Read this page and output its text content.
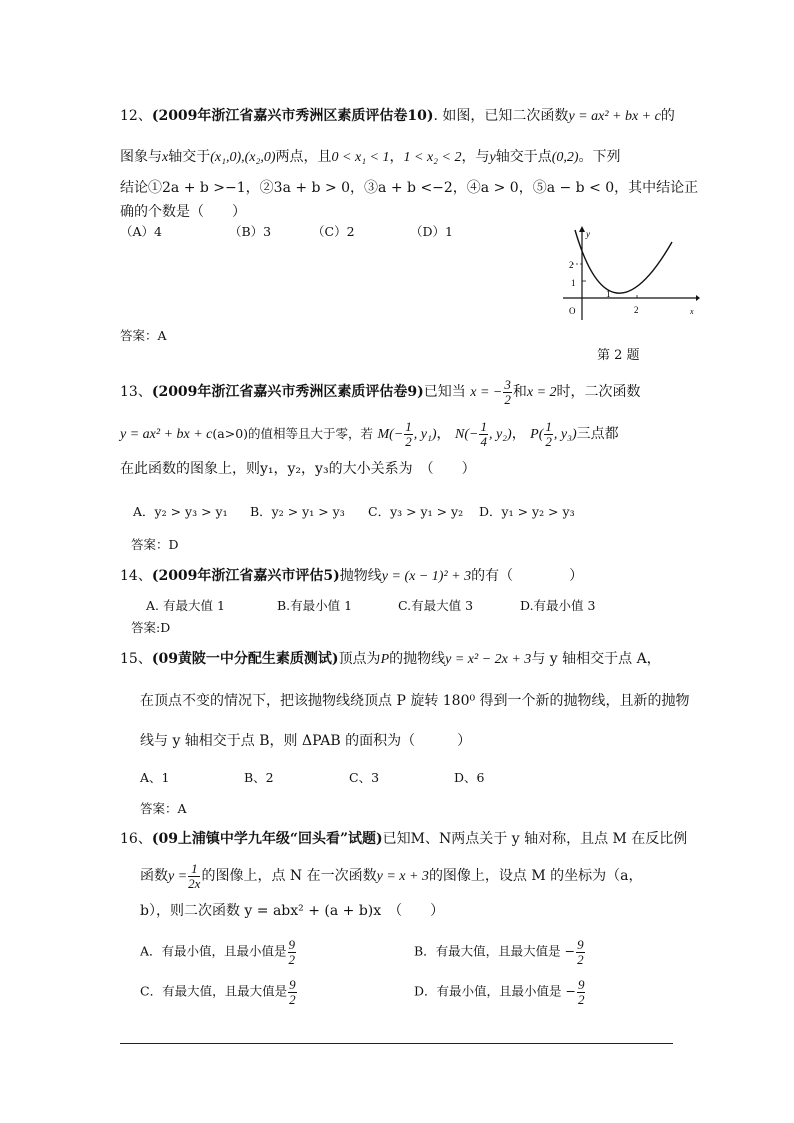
12、(2009年浙江省嘉兴市秀洲区素质评估卷10). 如图，已知二次函数y = ax² + bx + c的
图象与x轴交于(x₁,0),(x₂,0)两点，且0 < x₁ < 1，1 < x₂ < 2，与y轴交于点(0,2)。下列
结论①2a + b >−1，②3a + b > 0，③a + b <−2，④a > 0，⑤a − b < 0，其中结论正
确的个数是（　　）
（A）4	（B）3	（C）2	（D）1
答案：A
y
x
O
2
1
1
2
第 2 题
13、(2009年浙江省嘉兴市秀洲区素质评估卷9)已知当 x = − $\frac{3}{2}$ 和x = 2时，二次函数
y = ax² + bx + c(a>0)的值相等且大于零，若 $M(- \frac{1}{2}$ , y₁)， $N(- \frac{1}{4}$ , y₂)， $P( \frac{1}{2}$ , y₃)三点都
在此函数的图象上，则y₁，y₂，y₃的大小关系为　（　　）
A．y₂ > y₃ > y₁ B．y₂ > y₁ > y₃ C．y₃ > y₁ > y₂ D．y₁ > y₂ > y₃
答案：D
14、(2009年浙江省嘉兴市评估5)抛物线y = (x − 1)² + 3的有（　　　　）
A. 有最大值 1	B.有最小值 1	C.有最大值 3	D.有最小值 3
答案:D
15、(09黄陂一中分配生素质测试)顶点为P的抛物线y = x² − 2x + 3与 y 轴相交于点 A，
在顶点不变的情况下，把该抛物线绕顶点 P 旋转 180⁰ 得到一个新的抛物线，且新的抛物
线与 y 轴相交于点 B，则 ΔPAB 的面积为（　　　）
A、1	B、2	C、3	D、6
答案：A
16、(09上浦镇中学九年级“回头看”试题)已知M、N两点关于 y 轴对称，且点 M 在反比例
函数$y = \frac{1}{2x}$ 的图像上，点 N 在一次函数y = x + 3的图像上，设点 M 的坐标为（a，
b），则二次函数 y = abx² + (a + b)x　（　　）
A．有最小值，且最小值是 $\frac{9}{2}$	B．有最大值，且最大值是 − $\frac{9}{2}$
C．有最大值，且最大值是 $\frac{9}{2}$	D．有最小值，且最小值是 − $\frac{9}{2}$
